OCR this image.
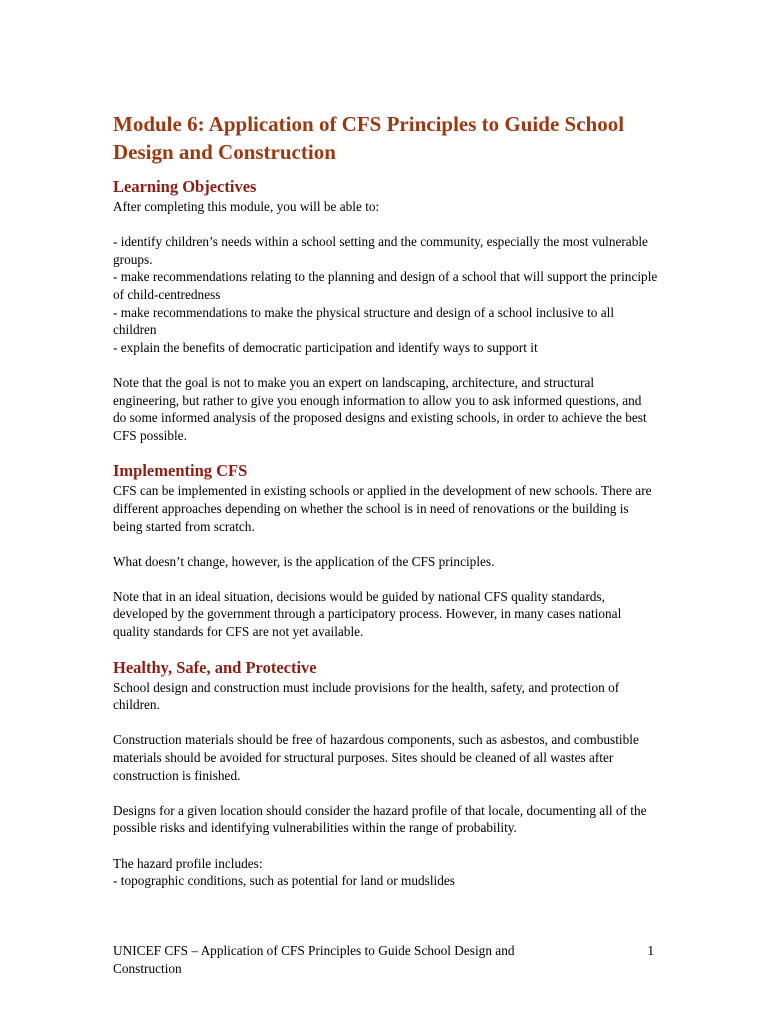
Module 6: Application of CFS Principles to Guide School Design and Construction
Learning Objectives

After completing this module, you will be able to:

- identify children’s needs within a school setting and the community, especially the most vulnerable groups.

- make recommendations relating to the planning and design of a school that will support the principle of child-centredness

- make recommendations to make the physical structure and design of a school inclusive to all children

- explain the benefits of democratic participation and identify ways to support it

Note that the goal is not to make you an expert on landscaping, architecture, and structural engineering, but rather to give you enough information to allow you to ask informed questions, and do some informed analysis of the proposed designs and existing schools, in order to achieve the best CFS possible.

Implementing CFS

CFS can be implemented in existing schools or applied in the development of new schools. There are different approaches depending on whether the school is in need of renovations or the building is being started from scratch.

What doesn’t change, however, is the application of the CFS principles.

Note that in an ideal situation, decisions would be guided by national CFS quality standards, developed by the government through a participatory process. However, in many cases national quality standards for CFS are not yet available.

Healthy, Safe, and Protective

School design and construction must include provisions for the health, safety, and protection of children.

Construction materials should be free of hazardous components, such as asbestos, and combustible materials should be avoided for structural purposes. Sites should be cleaned of all wastes after construction is finished.

Designs for a given location should consider the hazard profile of that locale, documenting all of the possible risks and identifying vulnerabilities within the range of probability.

The hazard profile includes:

- topographic conditions, such as potential for land or mudslides

UNICEF CFS – Application of CFS Principles to Guide School Design and Construction
1
